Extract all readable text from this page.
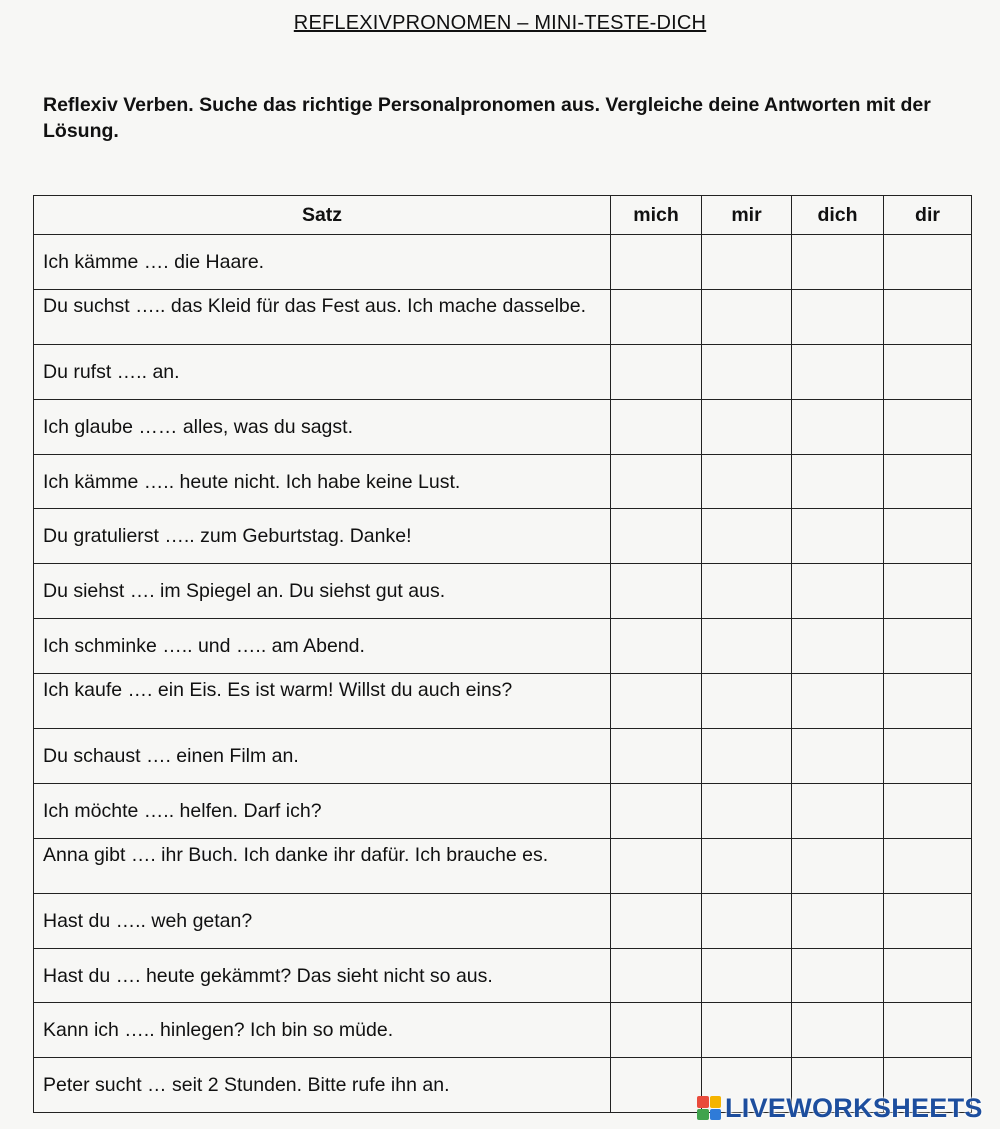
REFLEXIVPRONOMEN – MINI-TESTE-DICH
Reflexiv Verben. Suche das richtige Personalpronomen aus. Vergleiche deine Antworten mit der Lösung.
Satz	mich	mir	dich	dir
Ich kämme …. die Haare.				
Du suchst ….. das Kleid für das Fest aus. Ich mache dasselbe.				
Du rufst ….. an.				
Ich glaube …… alles, was du sagst.				
Ich kämme ….. heute nicht. Ich habe keine Lust.				
Du gratulierst ….. zum Geburtstag. Danke!				
Du siehst …. im Spiegel an. Du siehst gut aus.				
Ich schminke ….. und ….. am Abend.				
Ich kaufe …. ein Eis. Es ist warm! Willst du auch eins?				
Du schaust …. einen Film an.				
Ich möchte ….. helfen. Darf ich?				
Anna gibt …. ihr Buch. Ich danke ihr dafür. Ich brauche es.				
Hast du ….. weh getan?				
Hast du …. heute gekämmt? Das sieht nicht so aus.				
Kann ich ….. hinlegen? Ich bin so müde.				
Peter sucht … seit 2 Stunden. Bitte rufe ihn an.				
LIVEWORKSHEETS
